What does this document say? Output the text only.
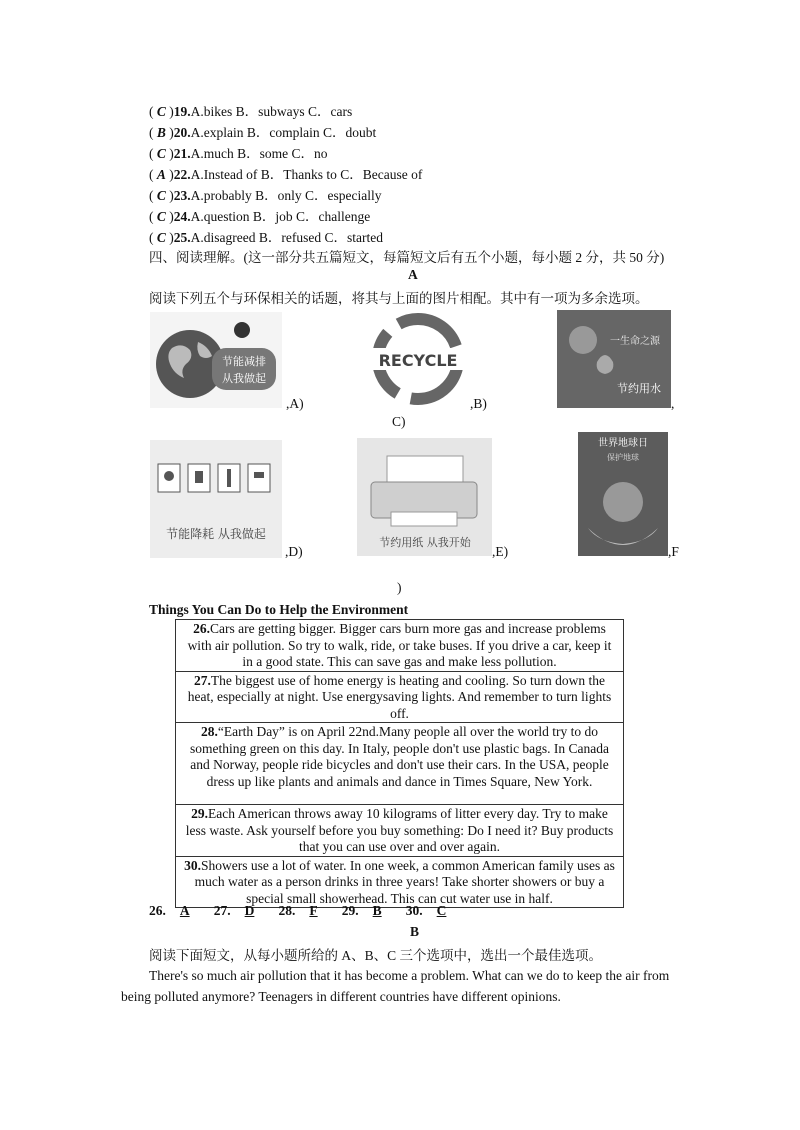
( C )19.A.bikes B．subways C．cars
( B )20.A.explain B．complain C．doubt
( C )21.A.much B．some C．no
( A )22.A.Instead of B．Thanks to C．Because of
( C )23.A.probably B．only C．especially
( C )24.A.question B．job C．challenge
( C )25.A.disagreed B．refused C．started
四、阅读理解。(这一部分共五篇短文，每篇短文后有五个小题，每小题 2 分，共 50 分)
A
阅读下列五个与环保相关的话题，将其与上面的图片相配。其中有一项为多余选项。
节能减排
从我做起
,A)
RECYCLE
,B)
一生命之源
节约用水
,
C)
节能降耗 从我做起
,D)
节约用纸 从我开始
,E)
世界地球日
保护地球
,F
)
Things You Can Do to Help the Environment
26.Cars are getting bigger. Bigger cars burn more gas and increase problems with air pollution. So try to walk, ride, or take buses. If you drive a car, keep it in a good state. This can save gas and make less pollution.
27.The biggest use of home energy is heating and cooling. So turn down the heat, especially at night. Use energysaving lights. And remember to turn lights off.
28.“Earth Day” is on April 22nd.Many people all over the world try to do something green on this day. In Italy, people don't use plastic bags. In Canada and Norway, people ride bicycles and don't use their cars. In the USA, people dress up like plants and animals and dance in Times Square, New York.
29.Each American throws away 10 kilograms of litter every day. Try to make less waste. Ask yourself before you buy something: Do I need it? Buy products that you can use over and over again.
30.Showers use a lot of water. In one week, a common American family uses as much water as a person drinks in three years! Take shorter showers or buy a special small showerhead. This can cut water use in half.
26. A 27. D 28. F 29. B 30. C
B
阅读下面短文，从每小题所给的 A、B、C 三个选项中，选出一个最佳选项。
There's so much air pollution that it has become a problem. What can we do to keep the air from being polluted anymore? Teenagers in different countries have different opinions.
